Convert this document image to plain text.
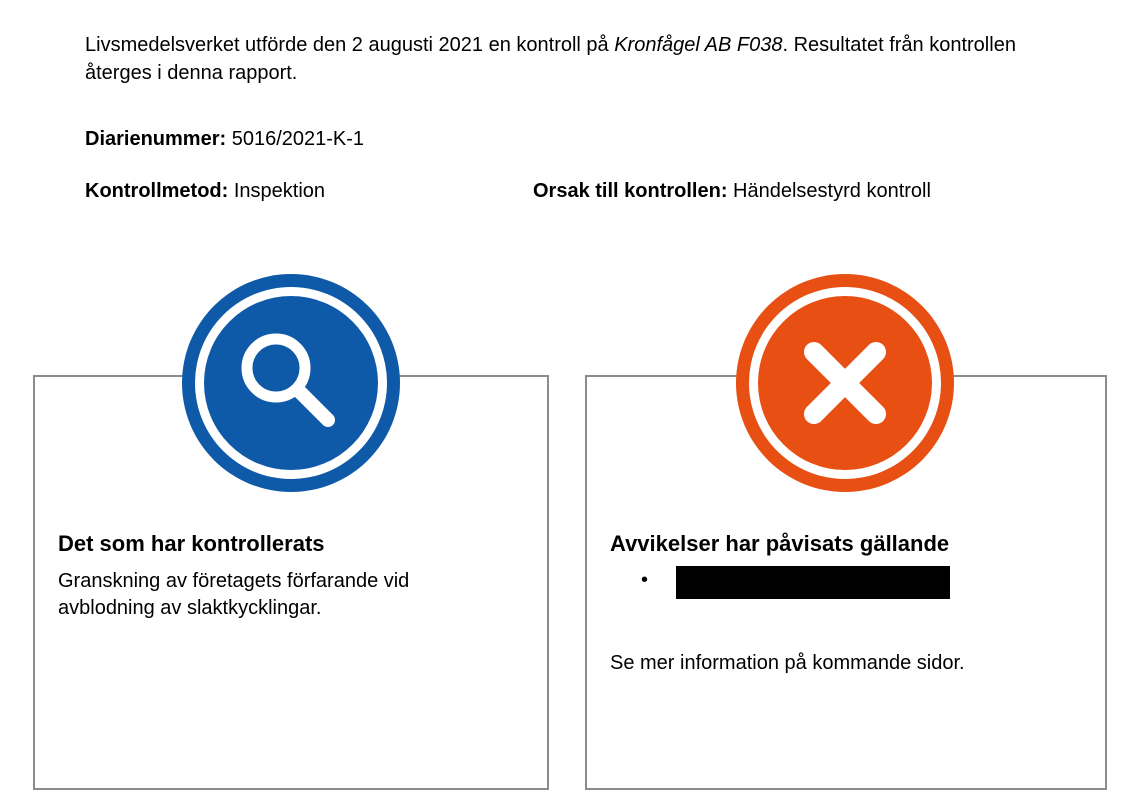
Livsmedelsverket utförde den 2 augusti 2021 en kontroll på Kronfågel AB F038. Resultatet från kontrollen återges i denna rapport.
Diarienummer: 5016/2021-K-1
Kontrollmetod: Inspektion	Orsak till kontrollen: Händelsestyrd kontroll
Det som har kontrollerats
Granskning av företagets förfarande vid avblodning av slaktkycklingar.
Avvikelser har påvisats gällande
•
Se mer information på kommande sidor.
